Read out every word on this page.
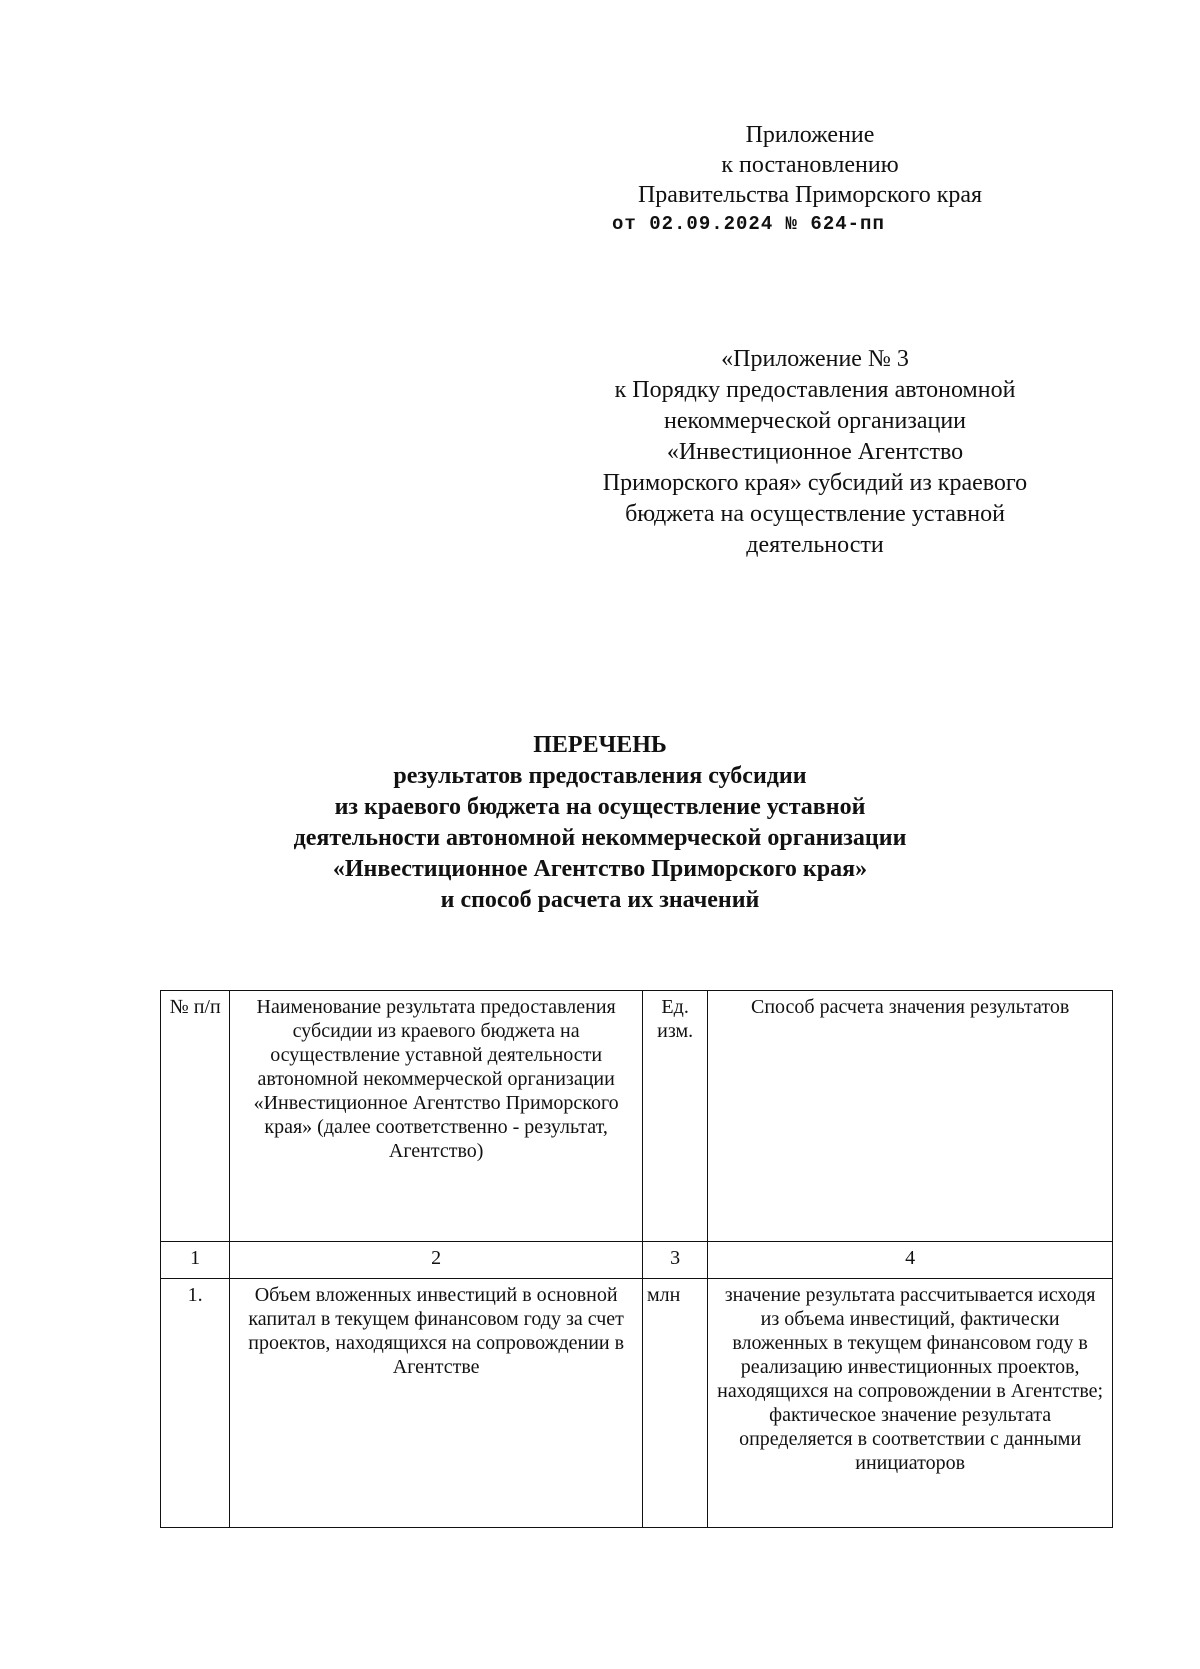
Приложение
к постановлению
Правительства Приморского края
от 02.09.2024 № 624-пп
«Приложение № 3
к Порядку предоставления автономной
некоммерческой организации
«Инвестиционное Агентство
Приморского края» субсидий из краевого
бюджета на осуществление уставной
деятельности
ПЕРЕЧЕНЬ
результатов предоставления субсидии
из краевого бюджета на осуществление уставной
деятельности автономной некоммерческой организации
«Инвестиционное Агентство Приморского края»
и способ расчета их значений
№ п/п	Наименование результата предоставления субсидии из краевого бюджета на осуществление уставной деятельности автономной некоммерческой организации «Инвестиционное Агентство Приморского края» (далее соответственно - результат, Агентство)	Ед. изм.	Способ расчета значения результатов
1	2	3	4
1.	Объем вложенных инвестиций в основной капитал в текущем финансовом году за счет проектов, находящихся на сопровождении в Агентстве	млн	значение результата рассчитывается исходя из объема инвестиций, фактически вложенных в текущем финансовом году в реализацию инвестиционных проектов, находящихся на сопровождении в Агентстве; фактическое значение результата определяется в соответствии с данными инициаторов
